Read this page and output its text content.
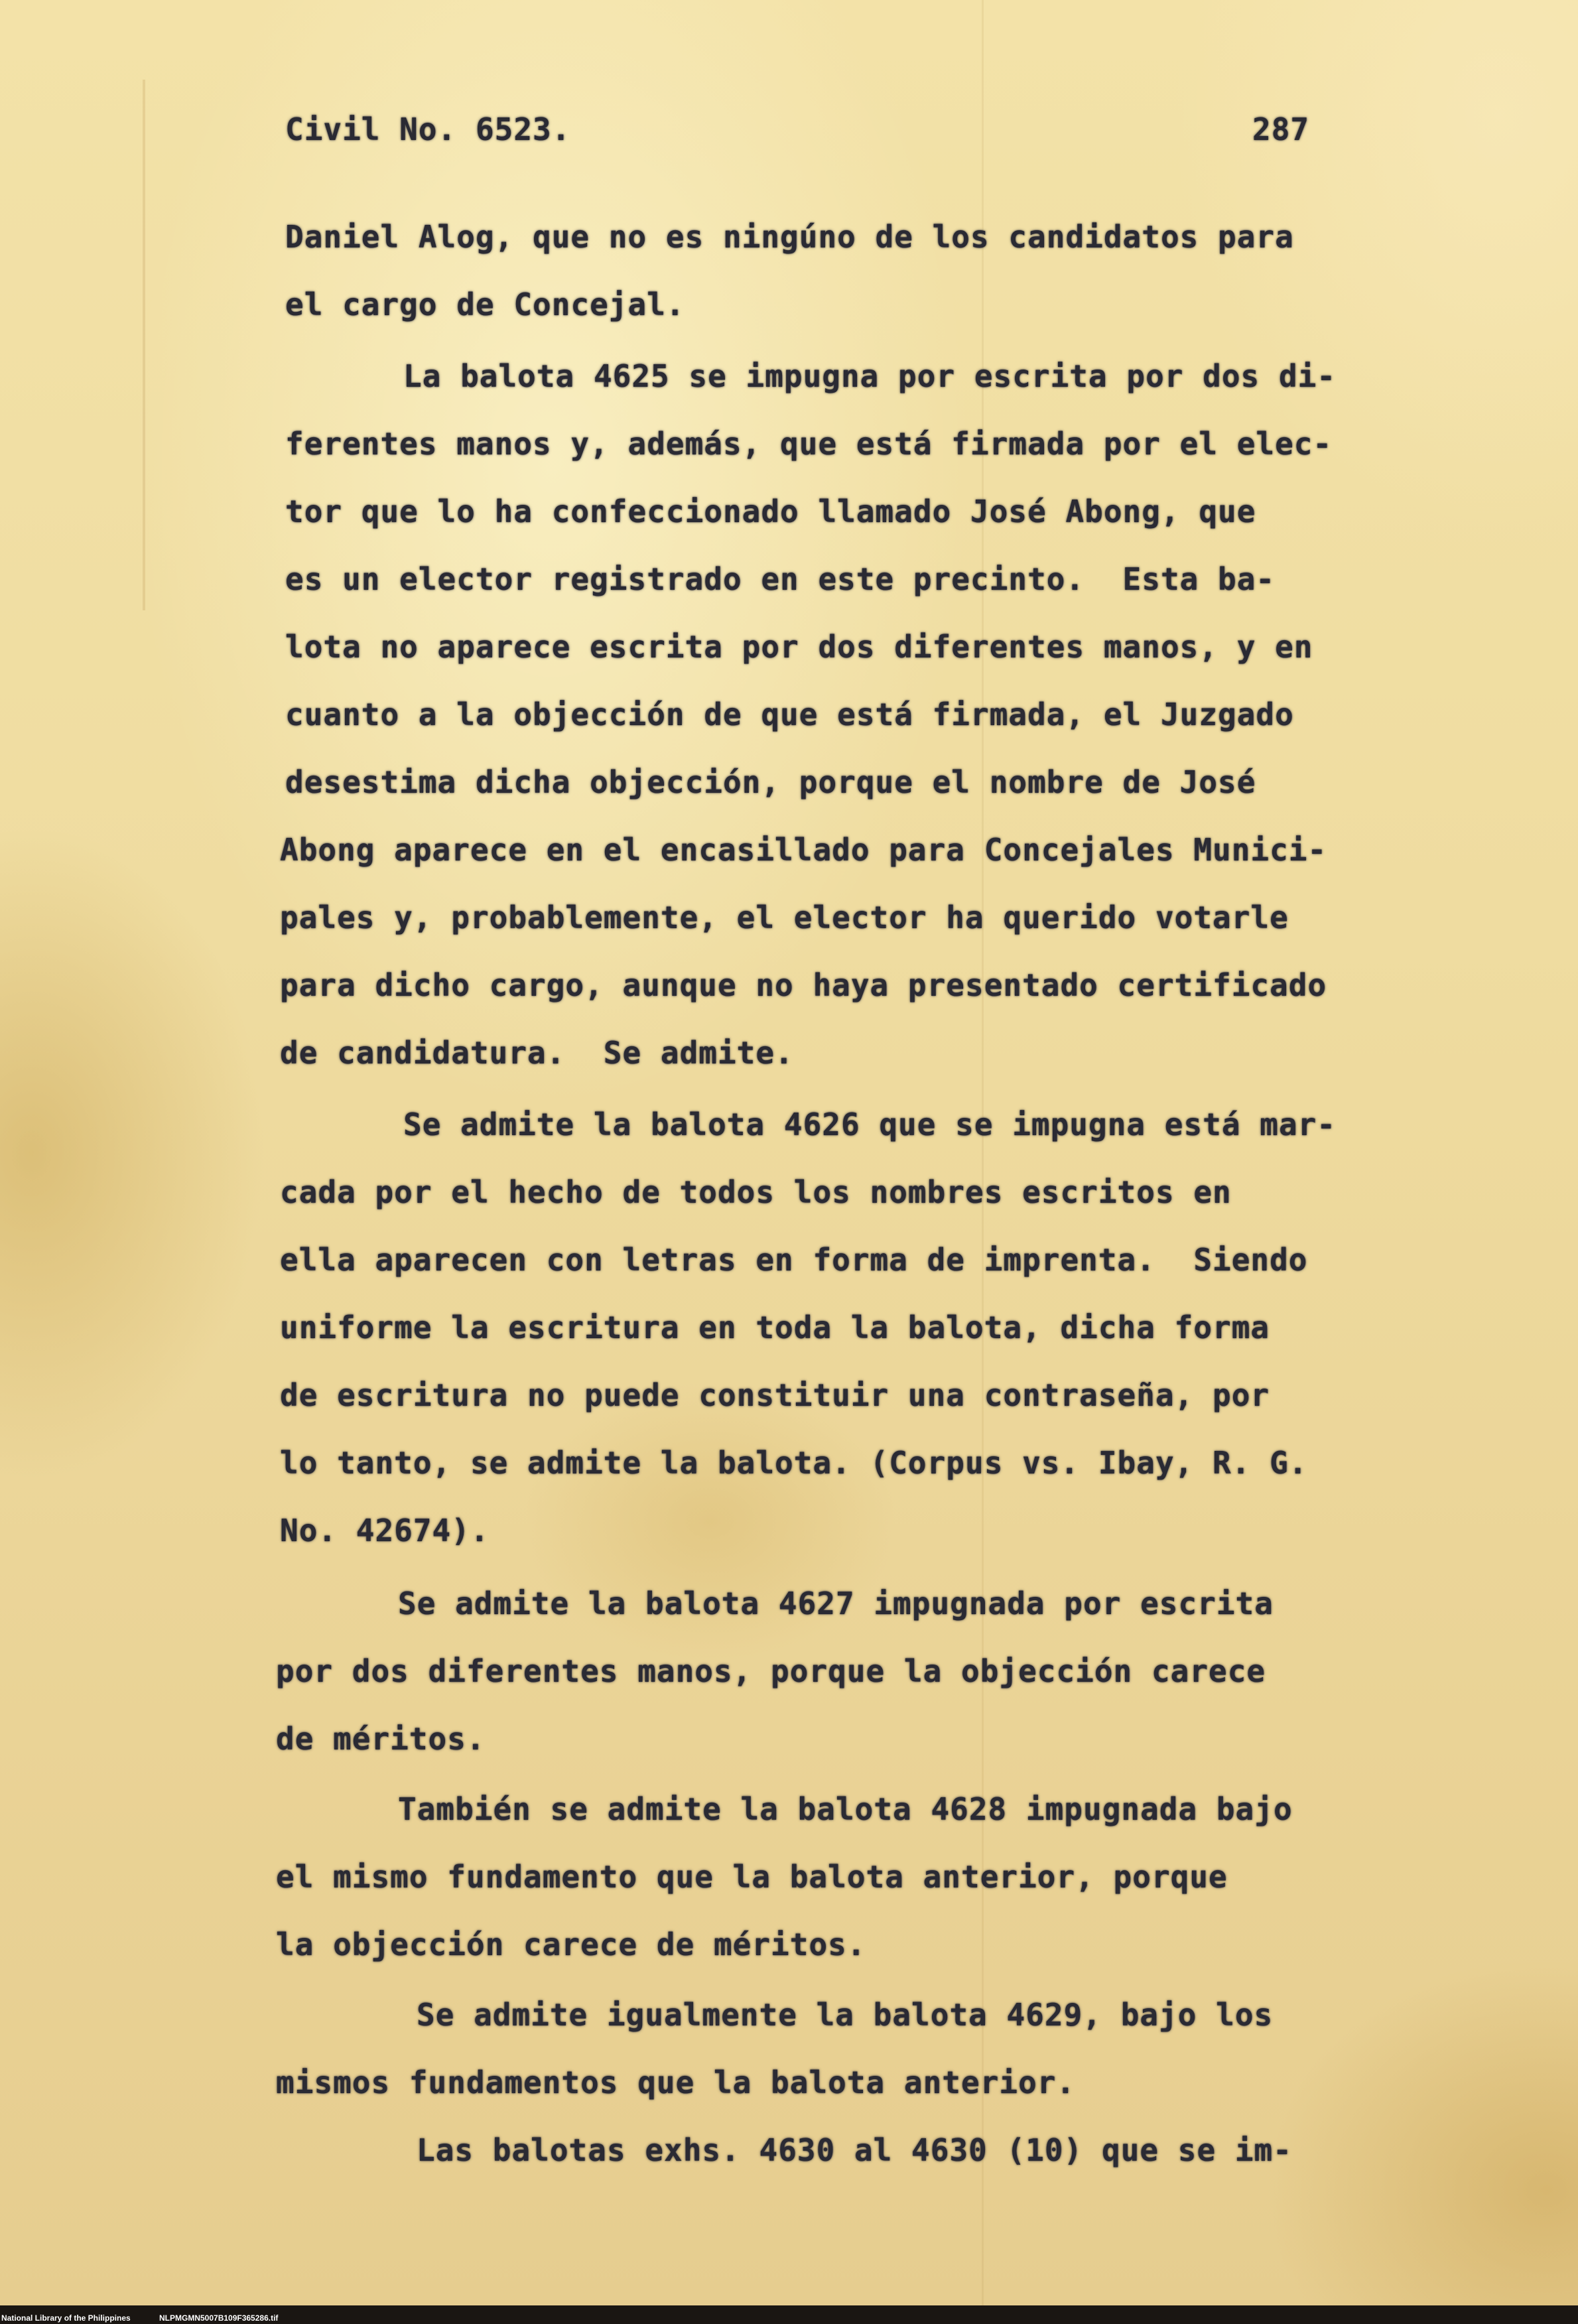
Civil No. 6523.	287
Daniel Alog, que no es ningúno de los candidatos para
el cargo de Concejal.
La balota 4625 se impugna por escrita por dos di-
ferentes manos y, además, que está firmada por el elec-
tor que lo ha confeccionado llamado José Abong, que
es un elector registrado en este precinto.  Esta ba-
lota no aparece escrita por dos diferentes manos, y en
cuanto a la objección de que está firmada, el Juzgado
desestima dicha objección, porque el nombre de José
Abong aparece en el encasillado para Concejales Munici-
pales y, probablemente, el elector ha querido votarle
para dicho cargo, aunque no haya presentado certificado
de candidatura.  Se admite.
Se admite la balota 4626 que se impugna está mar-
cada por el hecho de todos los nombres escritos en
ella aparecen con letras en forma de imprenta.  Siendo
uniforme la escritura en toda la balota, dicha forma
de escritura no puede constituir una contraseña, por
lo tanto, se admite la balota. (Corpus vs. Ibay, R. G.
No. 42674).
Se admite la balota 4627 impugnada por escrita
por dos diferentes manos, porque la objección carece
de méritos.
También se admite la balota 4628 impugnada bajo
el mismo fundamento que la balota anterior, porque
la objección carece de méritos.
Se admite igualmente la balota 4629, bajo los
mismos fundamentos que la balota anterior.
Las balotas exhs. 4630 al 4630 (10) que se im-
National Library of the Philippines	NLPMGMN5007B109F365286.tif
